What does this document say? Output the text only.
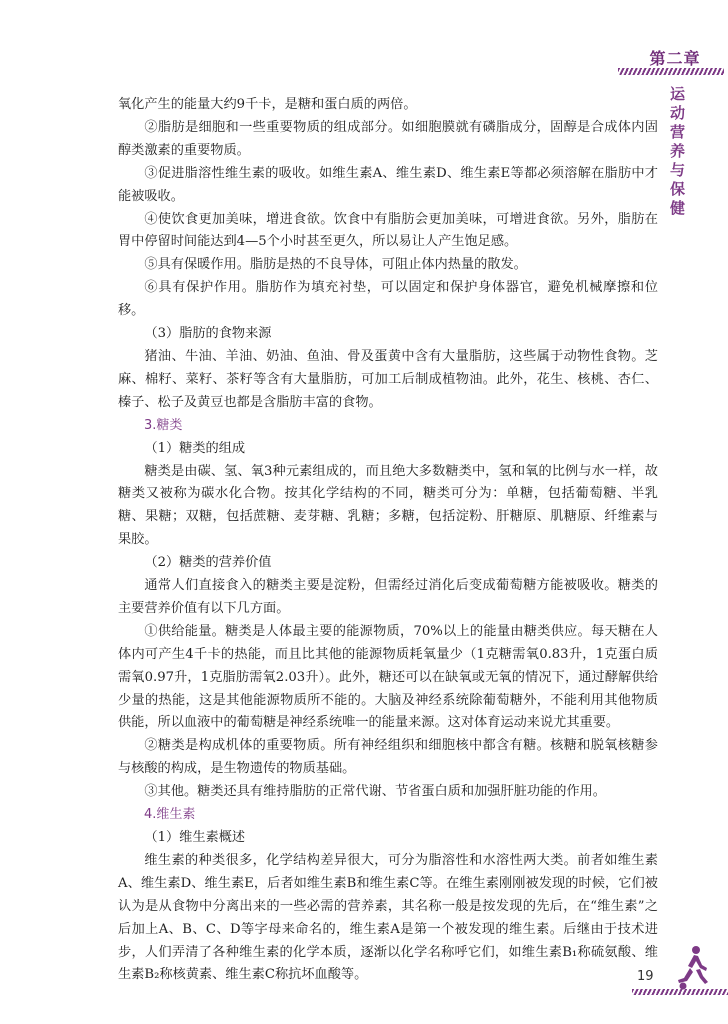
第二章
运动营养与保健

氧化产生的能量大约9千卡，是糖和蛋白质的两倍。

②脂肪是细胞和一些重要物质的组成部分。如细胞膜就有磷脂成分，固醇是合成体内固醇类激素的重要物质。

③促进脂溶性维生素的吸收。如维生素A、维生素D、维生素E等都必须溶解在脂肪中才能被吸收。

④使饮食更加美味，增进食欲。饮食中有脂肪会更加美味，可增进食欲。另外，脂肪在胃中停留时间能达到4—5个小时甚至更久，所以易让人产生饱足感。

⑤具有保暖作用。脂肪是热的不良导体，可阻止体内热量的散发。

⑥具有保护作用。脂肪作为填充衬垫，可以固定和保护身体器官，避免机械摩擦和位移。

（3）脂肪的食物来源

猪油、牛油、羊油、奶油、鱼油、骨及蛋黄中含有大量脂肪，这些属于动物性食物。芝麻、棉籽、菜籽、茶籽等含有大量脂肪，可加工后制成植物油。此外，花生、核桃、杏仁、榛子、松子及黄豆也都是含脂肪丰富的食物。

3.糖类

（1）糖类的组成

糖类是由碳、氢、氧3种元素组成的，而且绝大多数糖类中，氢和氧的比例与水一样，故糖类又被称为碳水化合物。按其化学结构的不同，糖类可分为：单糖，包括葡萄糖、半乳糖、果糖；双糖，包括蔗糖、麦芽糖、乳糖；多糖，包括淀粉、肝糖原、肌糖原、纤维素与果胶。

（2）糖类的营养价值

通常人们直接食入的糖类主要是淀粉，但需经过消化后变成葡萄糖方能被吸收。糖类的主要营养价值有以下几方面。

①供给能量。糖类是人体最主要的能源物质，70%以上的能量由糖类供应。每天糖在人体内可产生4千卡的热能，而且比其他的能源物质耗氧量少（1克糖需氧0.83升，1克蛋白质需氧0.97升，1克脂肪需氧2.03升）。此外，糖还可以在缺氧或无氧的情况下，通过酵解供给少量的热能，这是其他能源物质所不能的。大脑及神经系统除葡萄糖外，不能利用其他物质供能，所以血液中的葡萄糖是神经系统唯一的能量来源。这对体育运动来说尤其重要。

②糖类是构成机体的重要物质。所有神经组织和细胞核中都含有糖。核糖和脱氧核糖参与核酸的构成，是生物遗传的物质基础。

③其他。糖类还具有维持脂肪的正常代谢、节省蛋白质和加强肝脏功能的作用。

4.维生素

（1）维生素概述

维生素的种类很多，化学结构差异很大，可分为脂溶性和水溶性两大类。前者如维生素A、维生素D、维生素E，后者如维生素B和维生素C等。在维生素刚刚被发现的时候，它们被认为是从食物中分离出来的一些必需的营养素，其名称一般是按发现的先后，在“维生素”之后加上A、B、C、D等字母来命名的，维生素A是第一个被发现的维生素。后继由于技术进步，人们弄清了各种维生素的化学本质，逐渐以化学名称呼它们，如维生素B₁称硫氨酸、维生素B₂称核黄素、维生素C称抗坏血酸等。	19
